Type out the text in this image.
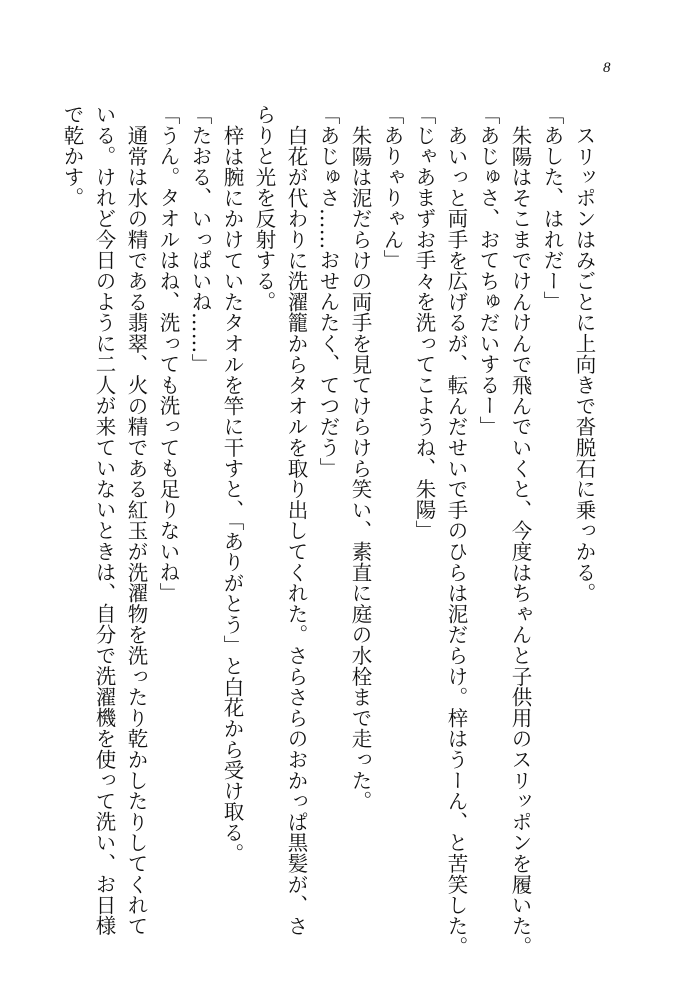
8
スリッポンはみごとに上向きで沓脱石に乗っかる。
「あした、はれだー」
朱陽はそこまでけんけんで飛んでいくと、今度はちゃんと子供用のスリッポンを履いた。
「あじゅさ、おてちゅだいするー」
あいっと両手を広げるが、転んだせいで手のひらは泥だらけ。梓はうーん、と苦笑した。
「じゃあまずお手々を洗ってこようね、朱陽」
「ありゃりゃん」
朱陽は泥だらけの両手を見てけらけら笑い、素直に庭の水栓まで走った。
「あじゅさ……おせんたく、てつだう」
白花が代わりに洗濯籠からタオルを取り出してくれた。さらさらのおかっぱ黒髪が、さ
らりと光を反射する。
梓は腕にかけていたタオルを竿に干すと、「ありがとう」と白花から受け取る。
「たおる、いっぱいね……」
「うん。タオルはね、洗っても洗っても足りないね」
通常は水の精である翡翠、火の精である紅玉が洗濯物を洗ったり乾かしたりしてくれて
いる。けれど今日のように二人が来ていないときは、自分で洗濯機を使って洗い、お日様
で乾かす。
